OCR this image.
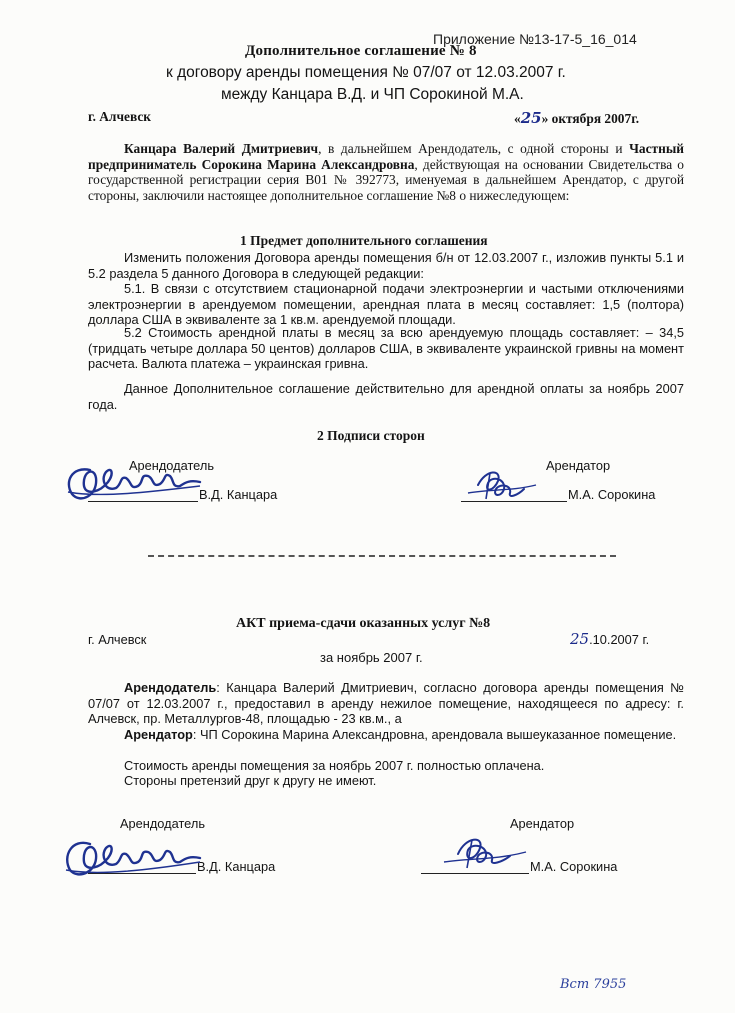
Приложение №13-17-5_16_014
Дополнительное соглашение № 8
к договору аренды помещения № 07/07 от 12.03.2007 г.
между Канцара В.Д. и ЧП Сорокиной М.А.
г. Алчевск	«25» октября 2007г.
Канцара Валерий Дмитриевич, в дальнейшем Арендодатель, с одной стороны и Частный предприниматель Сорокина Марина Александровна, действующая на основании Свидетельства о государственной регистрации серия В01 № 392773, именуемая в дальнейшем Арендатор, с другой стороны, заключили настоящее дополнительное соглашение №8 о нижеследующем:
1 Предмет дополнительного соглашения
Изменить положения Договора аренды помещения б/н от 12.03.2007 г., изложив пункты 5.1 и 5.2 раздела 5 данного Договора в следующей редакции:
5.1. В связи с отсутствием стационарной подачи электроэнергии и частыми отключениями электроэнергии в арендуемом помещении, арендная плата в месяц составляет: 1,5 (полтора) доллара США в эквиваленте за 1 кв.м. арендуемой площади.
5.2 Стоимость арендной платы в месяц за всю арендуемую площадь составляет: – 34,5 (тридцать четыре доллара 50 центов) долларов США, в эквиваленте украинской гривны на момент расчета. Валюта платежа – украинская гривна.
Данное Дополнительное соглашение действительно для арендной оплаты за ноябрь 2007 года.
2 Подписи сторон
Арендодатель
В.Д. Канцара
Арендатор
М.А. Сорокина
АКТ приема-сдачи оказанных услуг №8
г. Алчевск	25.10.2007 г.
за ноябрь 2007 г.
Арендодатель: Канцара Валерий Дмитриевич, согласно договора аренды помещения № 07/07 от 12.03.2007 г., предоставил в аренду нежилое помещение, находящееся по адресу: г. Алчевск, пр. Металлургов-48, площадью - 23 кв.м., а
Арендатор: ЧП Сорокина Марина Александровна, арендовала вышеуказанное помещение.
Стоимость аренды помещения за ноябрь 2007 г. полностью оплачена.
Стороны претензий друг к другу не имеют.
Арендодатель
В.Д. Канцара
Арендатор
М.А. Сорокина
Вст 7955
